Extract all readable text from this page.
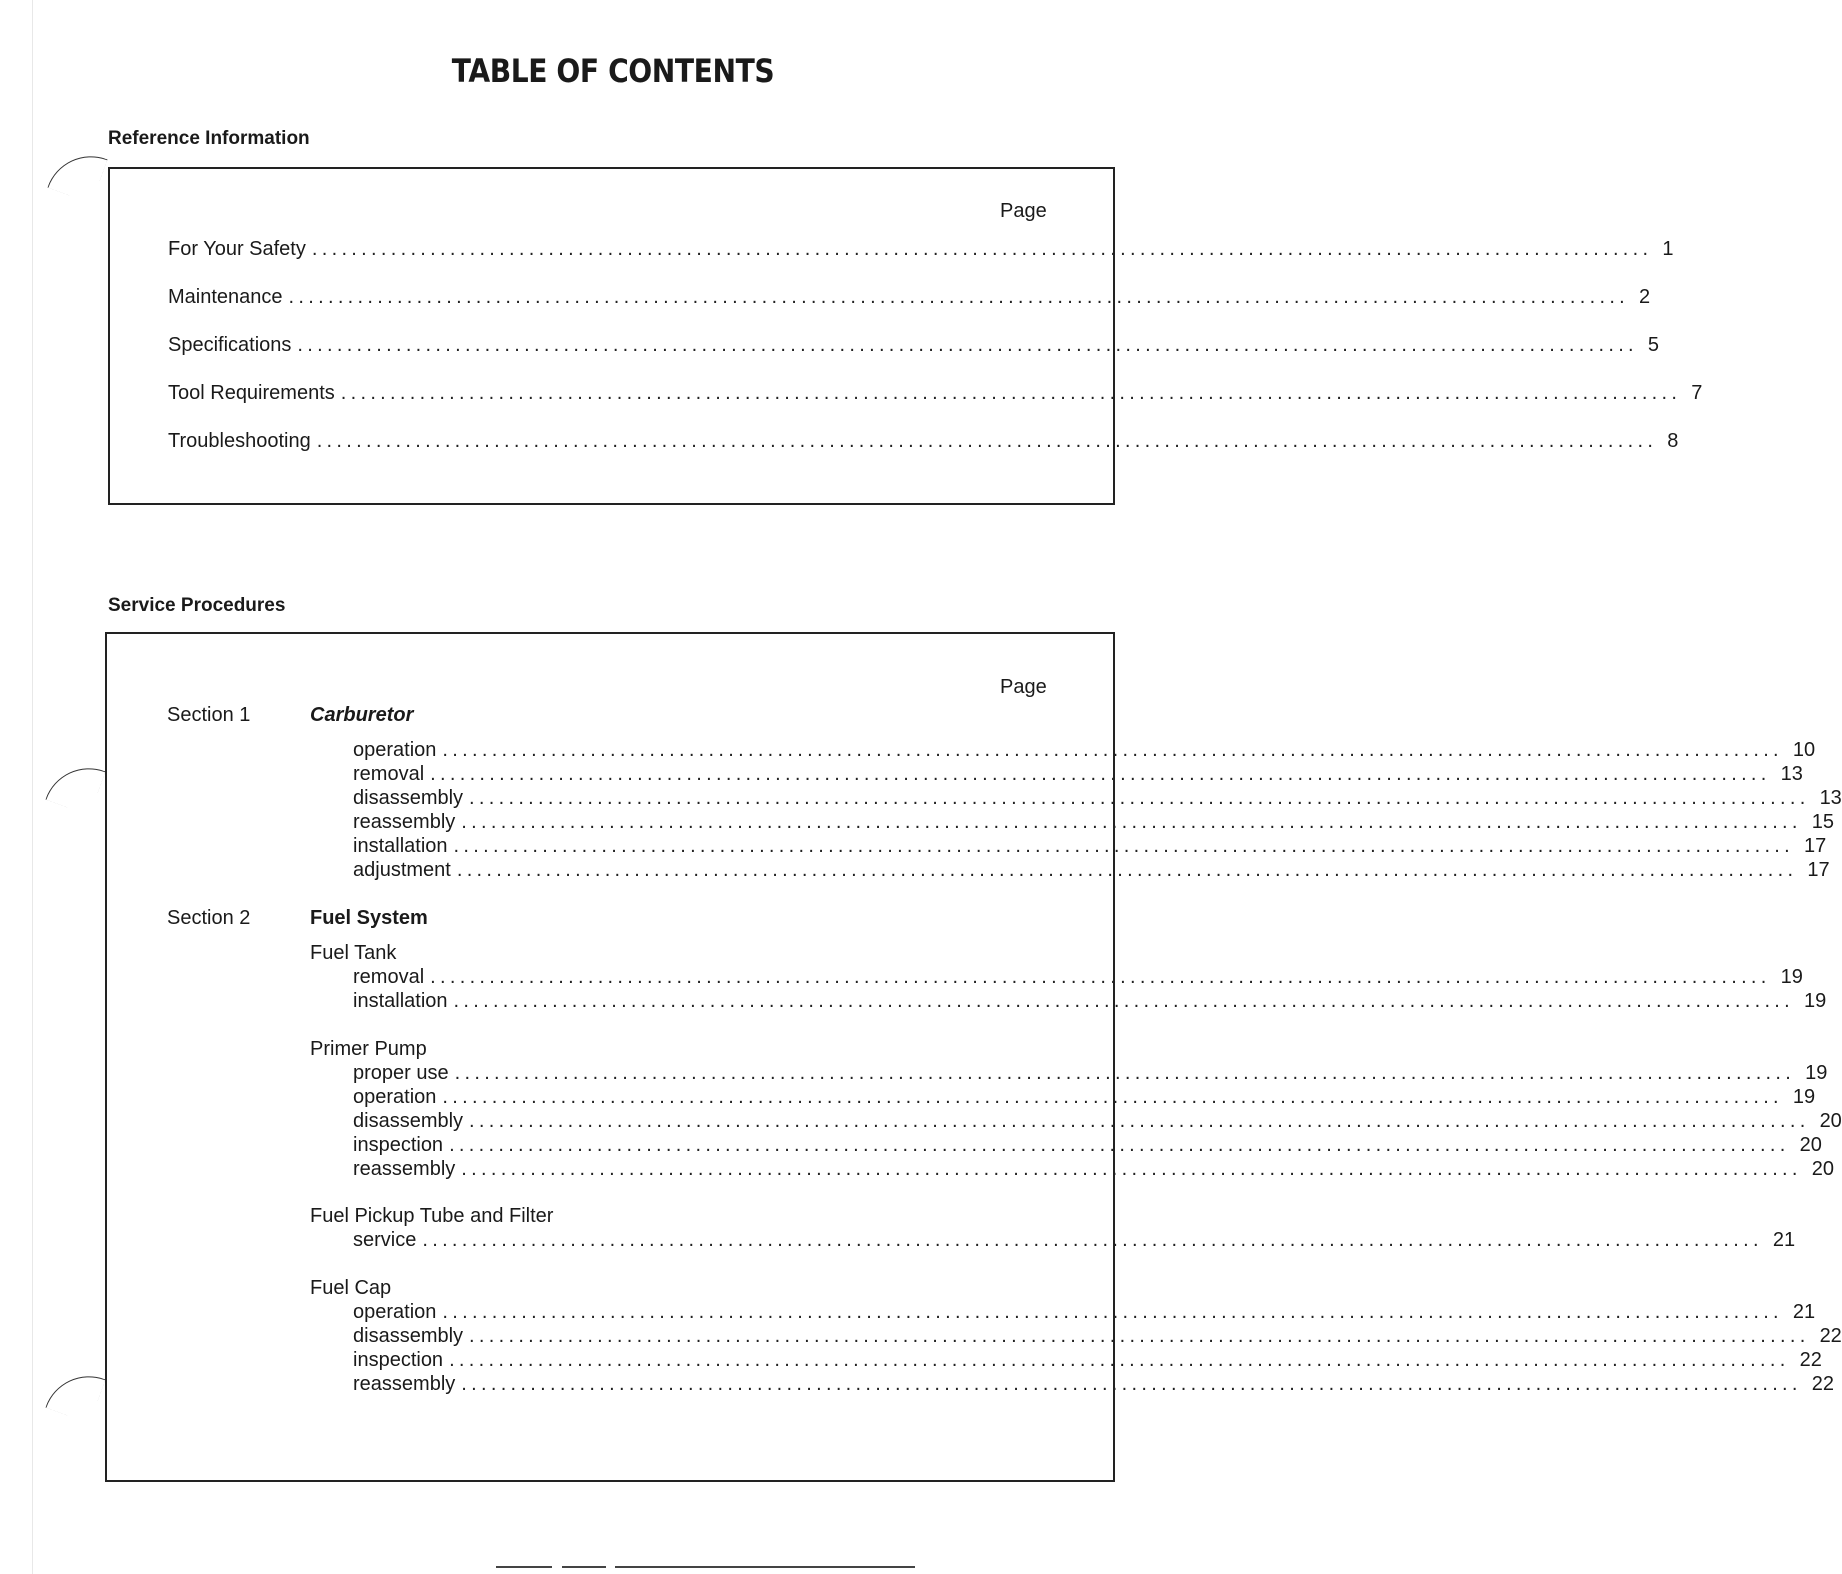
TABLE OF CONTENTS
Reference Information
Page
For Your Safety ........................................................................................................................................ 1
Maintenance ........................................................................................................................................ 2
Specifications ........................................................................................................................................ 5
Tool Requirements ........................................................................................................................................ 7
Troubleshooting ........................................................................................................................................ 8
Service Procedures
Page
Section 1	Carburetor
operation ........................................................................................................................................ 10
removal ........................................................................................................................................ 13
disassembly ........................................................................................................................................ 13
reassembly ........................................................................................................................................ 15
installation ........................................................................................................................................ 17
adjustment ........................................................................................................................................ 17
Section 2	Fuel System
Fuel Tank
removal ........................................................................................................................................ 19
installation ........................................................................................................................................ 19
Primer Pump
proper use ........................................................................................................................................ 19
operation ........................................................................................................................................ 19
disassembly ........................................................................................................................................ 20
inspection ........................................................................................................................................ 20
reassembly ........................................................................................................................................ 20
Fuel Pickup Tube and Filter
service ........................................................................................................................................ 21
Fuel Cap
operation ........................................................................................................................................ 21
disassembly ........................................................................................................................................ 22
inspection ........................................................................................................................................ 22
reassembly ........................................................................................................................................ 22
